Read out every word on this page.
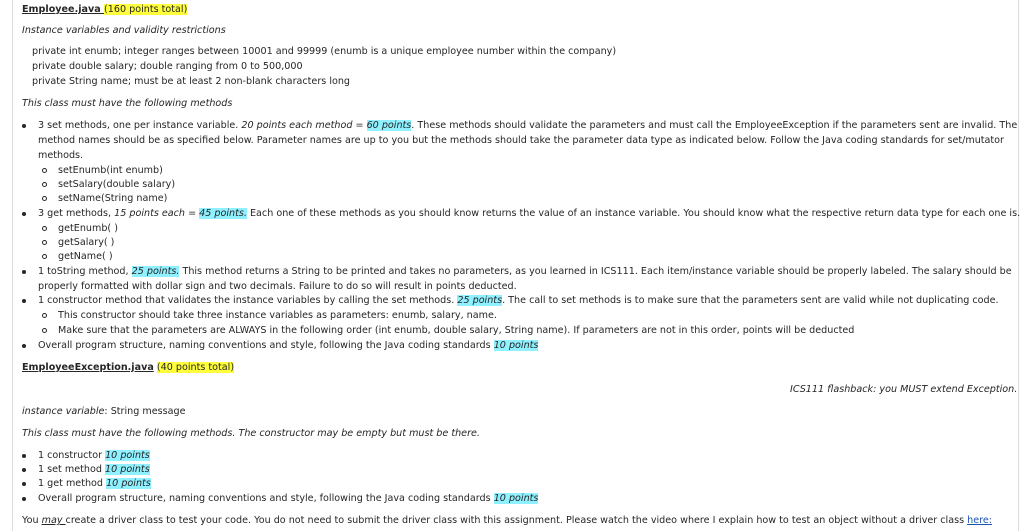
Employee.java (160 points total)
Instance variables and validity restrictions
private int enumb; integer ranges between 10001 and 99999 (enumb is a unique employee number within the company)
private double salary; double ranging from 0 to 500,000
private String name; must be at least 2 non-blank characters long
This class must have the following methods
3 set methods, one per instance variable. 20 points each method = 60 points. These methods should validate the parameters and must call the EmployeeException if the parameters sent are invalid. The
method names should be as specified below. Parameter names are up to you but the methods should take the parameter data type as indicated below. Follow the Java coding standards for set/mutator
methods.
setEnumb(int enumb)
setSalary(double salary)
setName(String name)
3 get methods, 15 points each = 45 points. Each one of these methods as you should know returns the value of an instance variable. You should know what the respective return data type for each one is.
getEnumb( )
getSalary( )
getName( )
1 toString method, 25 points. This method returns a String to be printed and takes no parameters, as you learned in ICS111. Each item/instance variable should be properly labeled. The salary should be
properly formatted with dollar sign and two decimals. Failure to do so will result in points deducted.
1 constructor method that validates the instance variables by calling the set methods. 25 points. The call to set methods is to make sure that the parameters sent are valid while not duplicating code.
This constructor should take three instance variables as parameters: enumb, salary, name.
Make sure that the parameters are ALWAYS in the following order (int enumb, double salary, String name). If parameters are not in this order, points will be deducted
Overall program structure, naming conventions and style, following the Java coding standards 10 points
EmployeeException.java (40 points total)
ICS111 flashback: you MUST extend Exception.
instance variable: String message
This class must have the following methods. The constructor may be empty but must be there.
1 constructor 10 points
1 set method 10 points
1 get method 10 points
Overall program structure, naming conventions and style, following the Java coding standards 10 points
You may create a driver class to test your code. You do not need to submit the driver class with this assignment. Please watch the video where I explain how to test an object without a driver class here:
